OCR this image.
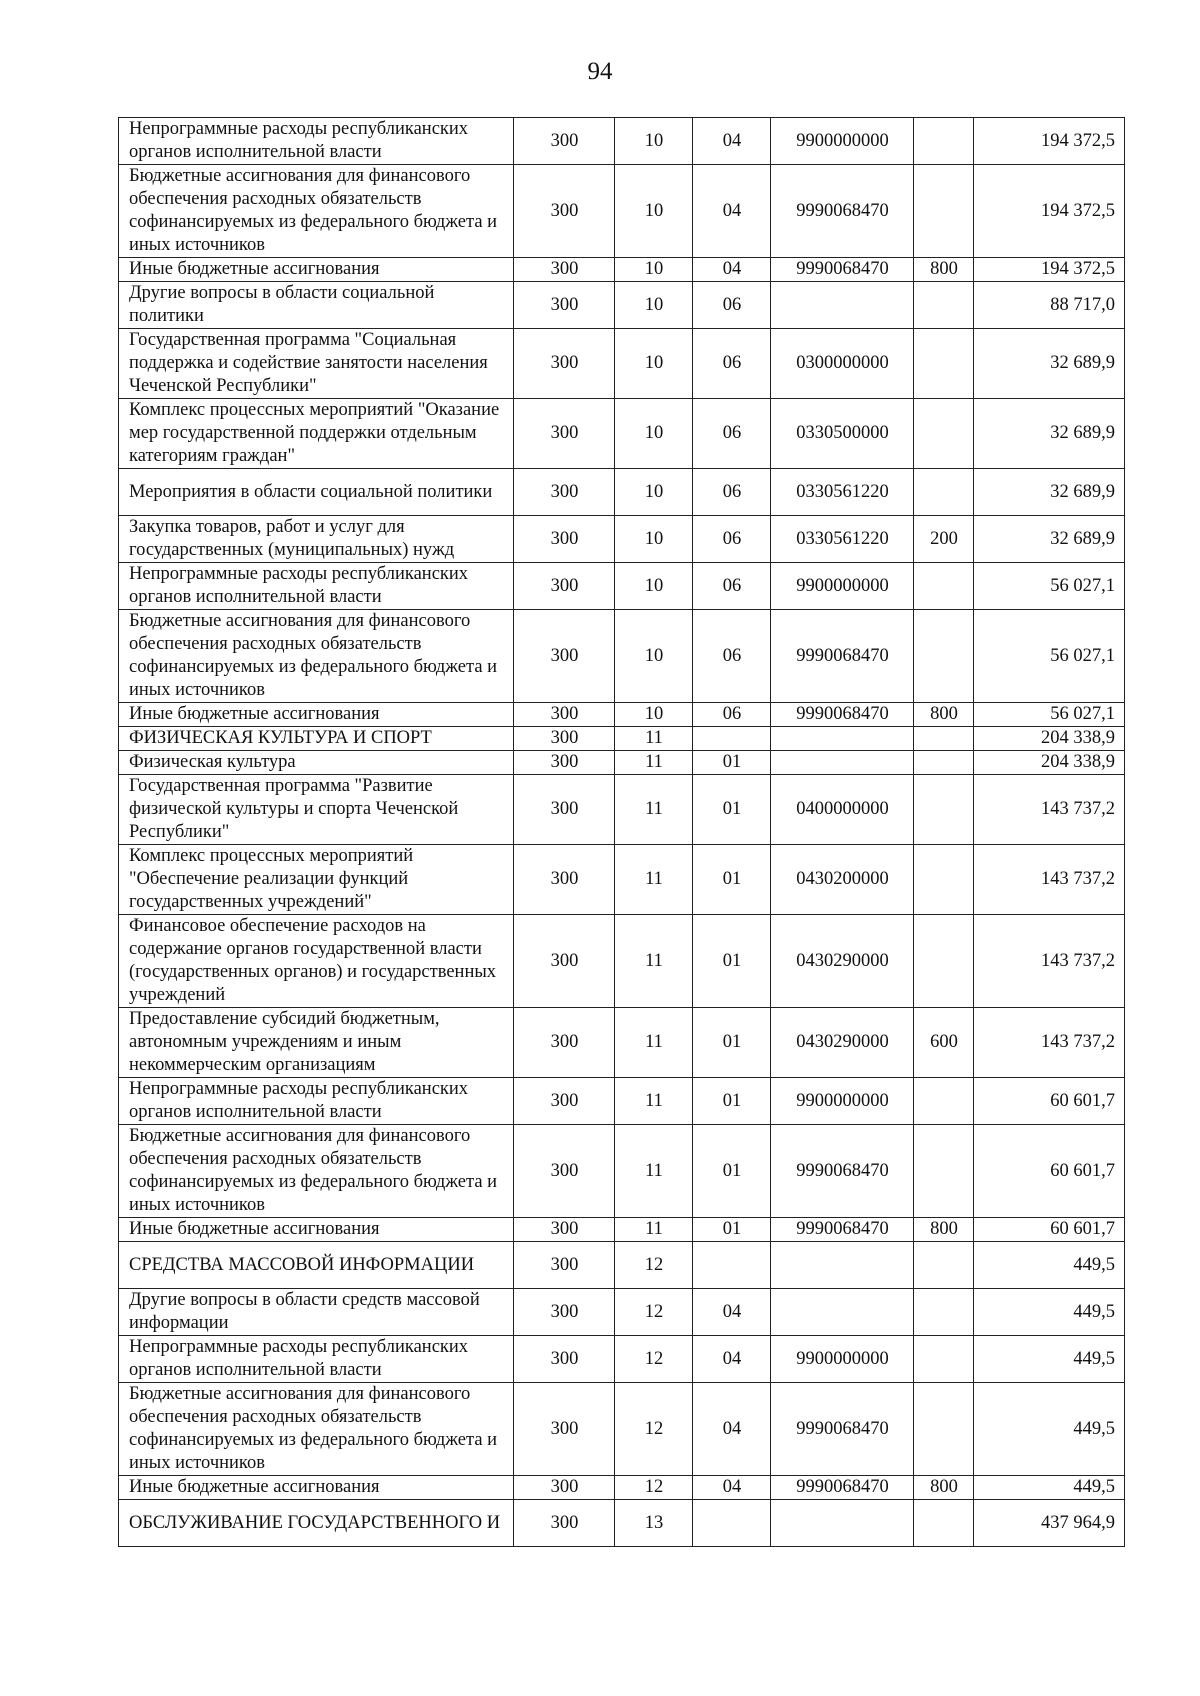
94
Непрограммные расходы республиканских органов исполнительной власти	300	10	04	9900000000		194 372,5
Бюджетные ассигнования для финансового обеспечения расходных обязательств софинансируемых из федерального бюджета и иных источников	300	10	04	9990068470		194 372,5
Иные бюджетные ассигнования	300	10	04	9990068470	800	194 372,5
Другие вопросы в области социальной политики	300	10	06			88 717,0
Государственная программа "Социальная поддержка и содействие занятости населения Чеченской Республики"	300	10	06	0300000000		32 689,9
Комплекс процессных мероприятий "Оказание мер государственной поддержки отдельным категориям граждан"	300	10	06	0330500000		32 689,9
Мероприятия в области социальной политики	300	10	06	0330561220		32 689,9
Закупка товаров, работ и услуг для государственных (муниципальных) нужд	300	10	06	0330561220	200	32 689,9
Непрограммные расходы республиканских органов исполнительной власти	300	10	06	9900000000		56 027,1
Бюджетные ассигнования для финансового обеспечения расходных обязательств софинансируемых из федерального бюджета и иных источников	300	10	06	9990068470		56 027,1
Иные бюджетные ассигнования	300	10	06	9990068470	800	56 027,1
ФИЗИЧЕСКАЯ КУЛЬТУРА И СПОРТ	300	11				204 338,9
Физическая культура	300	11	01			204 338,9
Государственная программа "Развитие физической культуры и спорта Чеченской Республики"	300	11	01	0400000000		143 737,2
Комплекс процессных мероприятий "Обеспечение реализации функций государственных учреждений"	300	11	01	0430200000		143 737,2
Финансовое обеспечение расходов на содержание органов государственной власти (государственных органов) и государственных учреждений	300	11	01	0430290000		143 737,2
Предоставление субсидий бюджетным, автономным учреждениям и иным некоммерческим организациям	300	11	01	0430290000	600	143 737,2
Непрограммные расходы республиканских органов исполнительной власти	300	11	01	9900000000		60 601,7
Бюджетные ассигнования для финансового обеспечения расходных обязательств софинансируемых из федерального бюджета и иных источников	300	11	01	9990068470		60 601,7
Иные бюджетные ассигнования	300	11	01	9990068470	800	60 601,7
СРЕДСТВА МАССОВОЙ ИНФОРМАЦИИ	300	12				449,5
Другие вопросы в области средств массовой информации	300	12	04			449,5
Непрограммные расходы республиканских органов исполнительной власти	300	12	04	9900000000		449,5
Бюджетные ассигнования для финансового обеспечения расходных обязательств софинансируемых из федерального бюджета и иных источников	300	12	04	9990068470		449,5
Иные бюджетные ассигнования	300	12	04	9990068470	800	449,5
ОБСЛУЖИВАНИЕ ГОСУДАРСТВЕННОГО И	300	13				437 964,9
